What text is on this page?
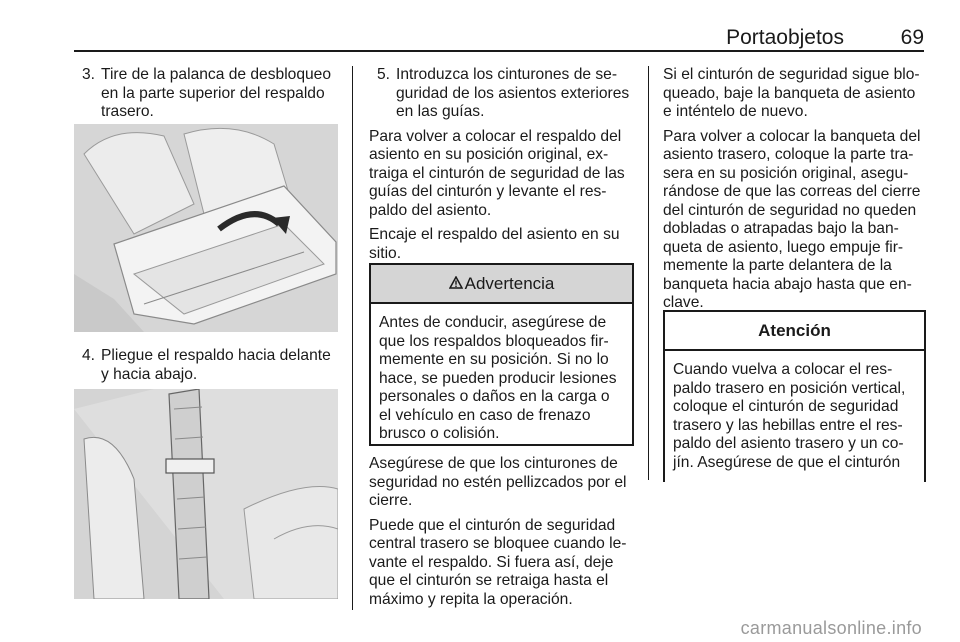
Portaobjetos	69
3. Tire de la palanca de desbloqueo
en la parte superior del respaldo
trasero.
4. Pliegue el respaldo hacia delante
y hacia abajo.
5. Introduzca los cinturones de se-
guridad de los asientos exteriores
en las guías.

Para volver a colocar el respaldo del
asiento en su posición original, ex-
traiga el cinturón de seguridad de las
guías del cinturón y levante el res-
paldo del asiento.

Encaje el respaldo del asiento en su
sitio.

Advertencia
Antes de conducir, asegúrese de
que los respaldos bloqueados fir-
memente en su posición. Si no lo
hace, se pueden producir lesiones
personales o daños en la carga o
el vehículo en caso de frenazo
brusco o colisión.

Asegúrese de que los cinturones de
seguridad no estén pellizcados por el
cierre.

Puede que el cinturón de seguridad
central trasero se bloquee cuando le-
vante el respaldo. Si fuera así, deje
que el cinturón se retraiga hasta el
máximo y repita la operación.

Si el cinturón de seguridad sigue blo-
queado, baje la banqueta de asiento
e inténtelo de nuevo.

Para volver a colocar la banqueta del
asiento trasero, coloque la parte tra-
sera en su posición original, asegu-
rándose de que las correas del cierre
del cinturón de seguridad no queden
dobladas o atrapadas bajo la ban-
queta de asiento, luego empuje fir-
memente la parte delantera de la
banqueta hacia abajo hasta que en-
clave.

Atención
Cuando vuelva a colocar el res-
paldo trasero en posición vertical,
coloque el cinturón de seguridad
trasero y las hebillas entre el res-
paldo del asiento trasero y un co-
jín. Asegúrese de que el cinturón
carmanualsonline.info
